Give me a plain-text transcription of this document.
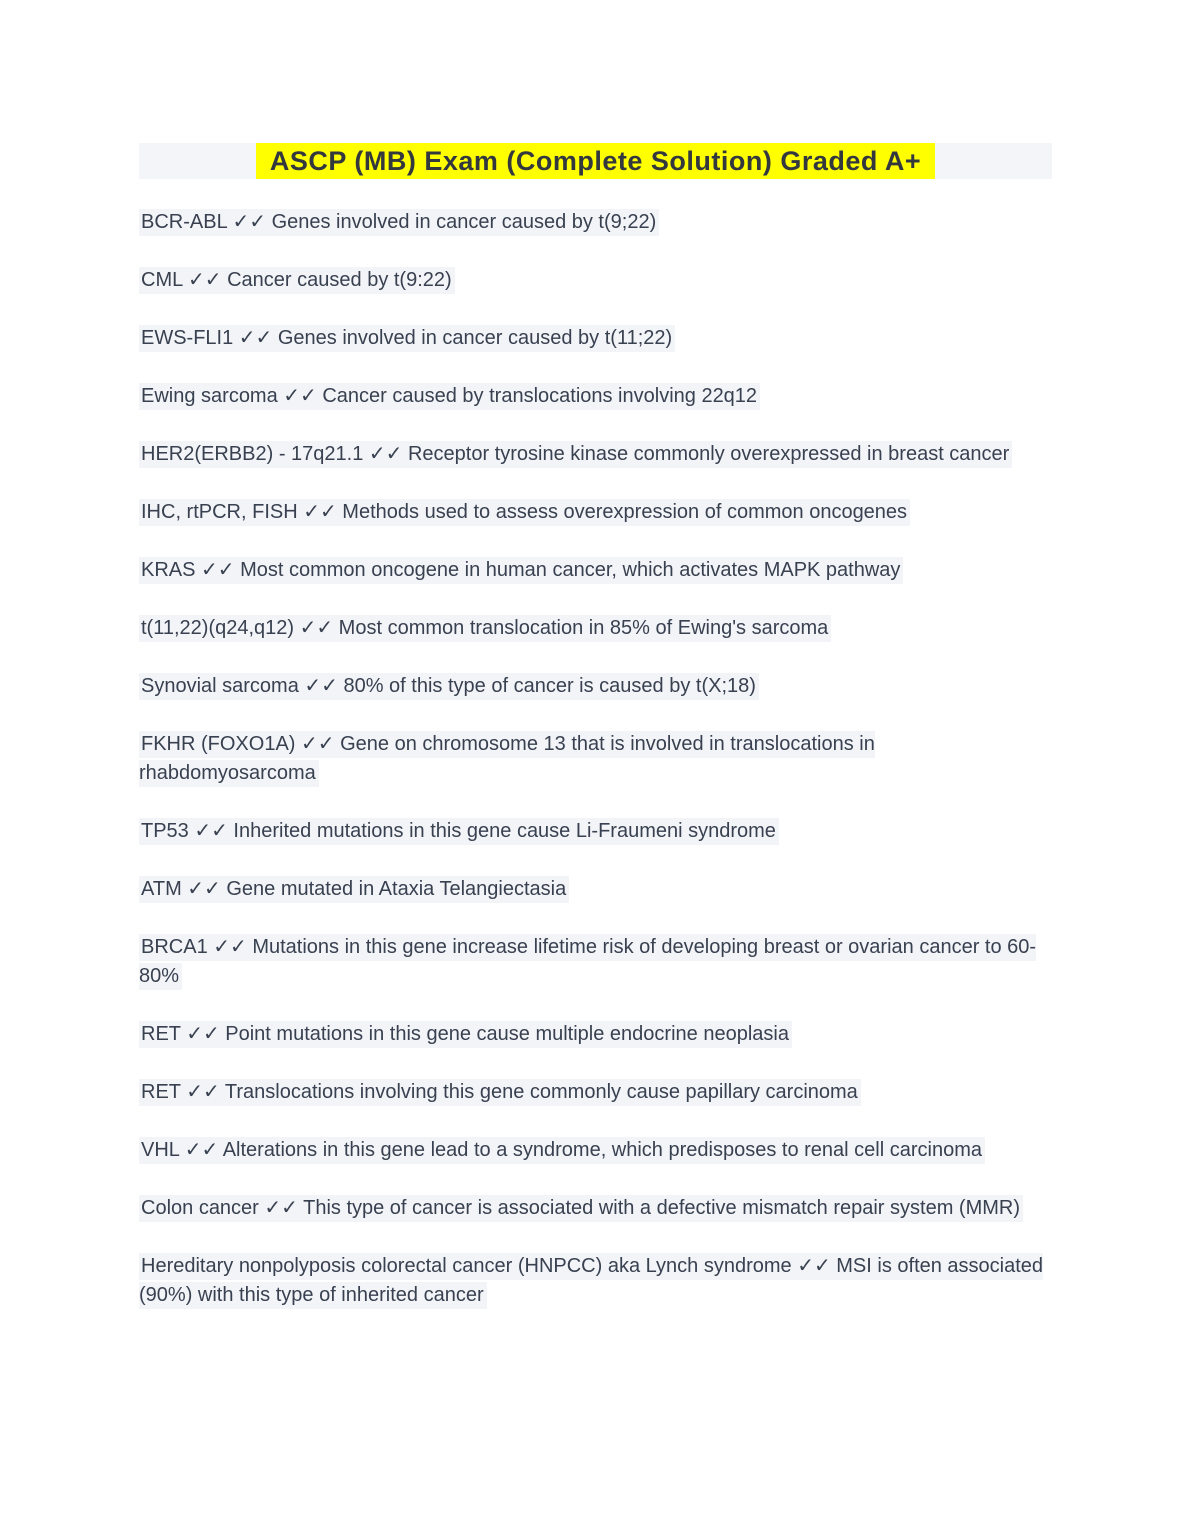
ASCP (MB) Exam (Complete Solution) Graded A+

BCR-ABL ✓✓ Genes involved in cancer caused by t(9;22)

CML ✓✓ Cancer caused by t(9:22)

EWS-FLI1 ✓✓ Genes involved in cancer caused by t(11;22)

Ewing sarcoma ✓✓ Cancer caused by translocations involving 22q12

HER2(ERBB2) - 17q21.1 ✓✓ Receptor tyrosine kinase commonly overexpressed in breast cancer

IHC, rtPCR, FISH ✓✓ Methods used to assess overexpression of common oncogenes

KRAS ✓✓ Most common oncogene in human cancer, which activates MAPK pathway

t(11,22)(q24,q12) ✓✓ Most common translocation in 85% of Ewing's sarcoma

Synovial sarcoma ✓✓ 80% of this type of cancer is caused by t(X;18)

FKHR (FOXO1A) ✓✓ Gene on chromosome 13 that is involved in translocations in rhabdomyosarcoma

TP53 ✓✓ Inherited mutations in this gene cause Li-Fraumeni syndrome

ATM ✓✓ Gene mutated in Ataxia Telangiectasia

BRCA1 ✓✓ Mutations in this gene increase lifetime risk of developing breast or ovarian cancer to 60-80%

RET ✓✓ Point mutations in this gene cause multiple endocrine neoplasia

RET ✓✓ Translocations involving this gene commonly cause papillary carcinoma

VHL ✓✓ Alterations in this gene lead to a syndrome, which predisposes to renal cell carcinoma

Colon cancer ✓✓ This type of cancer is associated with a defective mismatch repair system (MMR)

Hereditary nonpolyposis colorectal cancer (HNPCC) aka Lynch syndrome ✓✓ MSI is often associated (90%) with this type of inherited cancer
